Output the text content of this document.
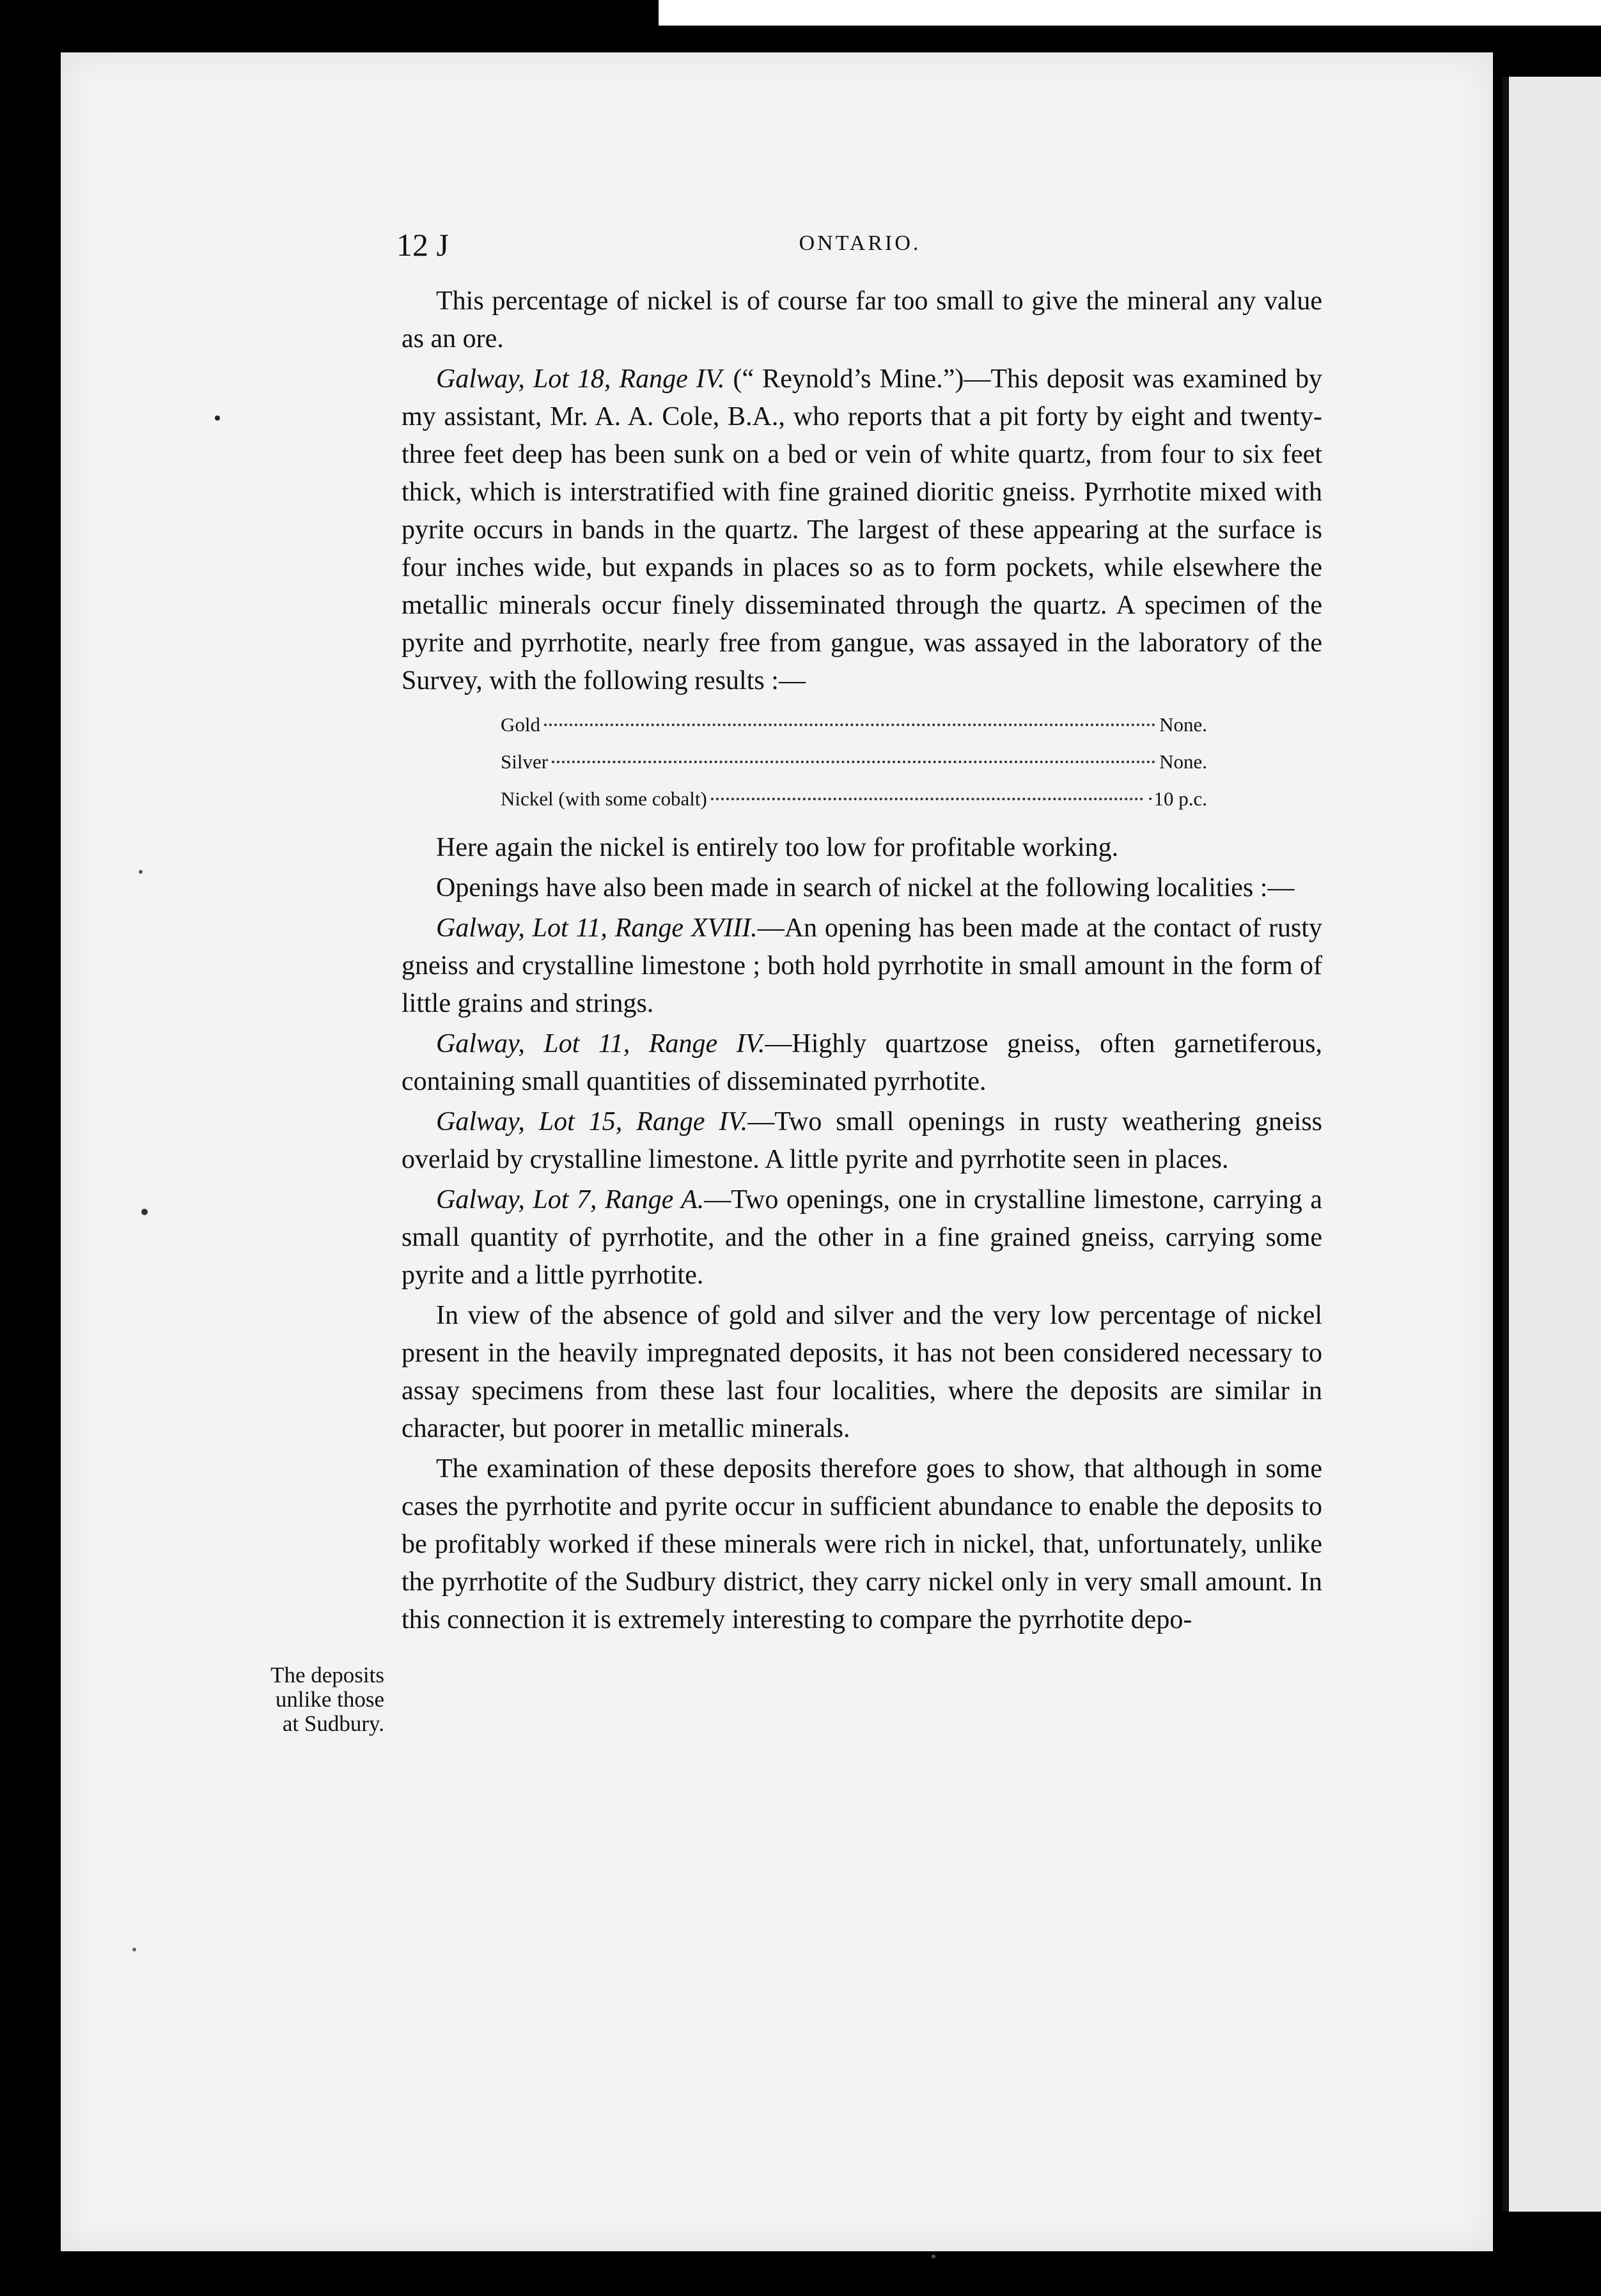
12 J	ONTARIO.

This percentage of nickel is of course far too small to give the mineral any value as an ore.

Galway, Lot 18, Range IV. (“ Reynold’s Mine.”)—This deposit was examined by my assistant, Mr. A. A. Cole, B.A., who reports that a pit forty by eight and twenty-three feet deep has been sunk on a bed or vein of white quartz, from four to six feet thick, which is interstratified with fine grained dioritic gneiss. Pyrrhotite mixed with pyrite occurs in bands in the quartz. The largest of these appearing at the surface is four inches wide, but expands in places so as to form pockets, while elsewhere the metallic minerals occur finely disseminated through the quartz. A specimen of the pyrite and pyrrhotite, nearly free from gangue, was assayed in the laboratory of the Survey, with the following results :—

Gold	None.
Silver	None.
Nickel (with some cobalt)	·10 p.c.

Here again the nickel is entirely too low for profitable working.

Openings have also been made in search of nickel at the following localities :—

Galway, Lot 11, Range XVIII.—An opening has been made at the contact of rusty gneiss and crystalline limestone ; both hold pyrrhotite in small amount in the form of little grains and strings.

Galway, Lot 11, Range IV.—Highly quartzose gneiss, often garnetiferous, containing small quantities of disseminated pyrrhotite.

Galway, Lot 15, Range IV.—Two small openings in rusty weathering gneiss overlaid by crystalline limestone. A little pyrite and pyrrhotite seen in places.

Galway, Lot 7, Range A.—Two openings, one in crystalline limestone, carrying a small quantity of pyrrhotite, and the other in a fine grained gneiss, carrying some pyrite and a little pyrrhotite.

In view of the absence of gold and silver and the very low percentage of nickel present in the heavily impregnated deposits, it has not been considered necessary to assay specimens from these last four localities, where the deposits are similar in character, but poorer in metallic minerals.

The examination of these deposits therefore goes to show, that although in some cases the pyrrhotite and pyrite occur in sufficient abundance to enable the deposits to be profitably worked if these minerals were rich in nickel, that, unfortunately, unlike the pyrrhotite of the Sudbury district, they carry nickel only in very small amount. In this connection it is extremely interesting to compare the pyrrhotite depo-

The deposits
unlike those
at Sudbury.
